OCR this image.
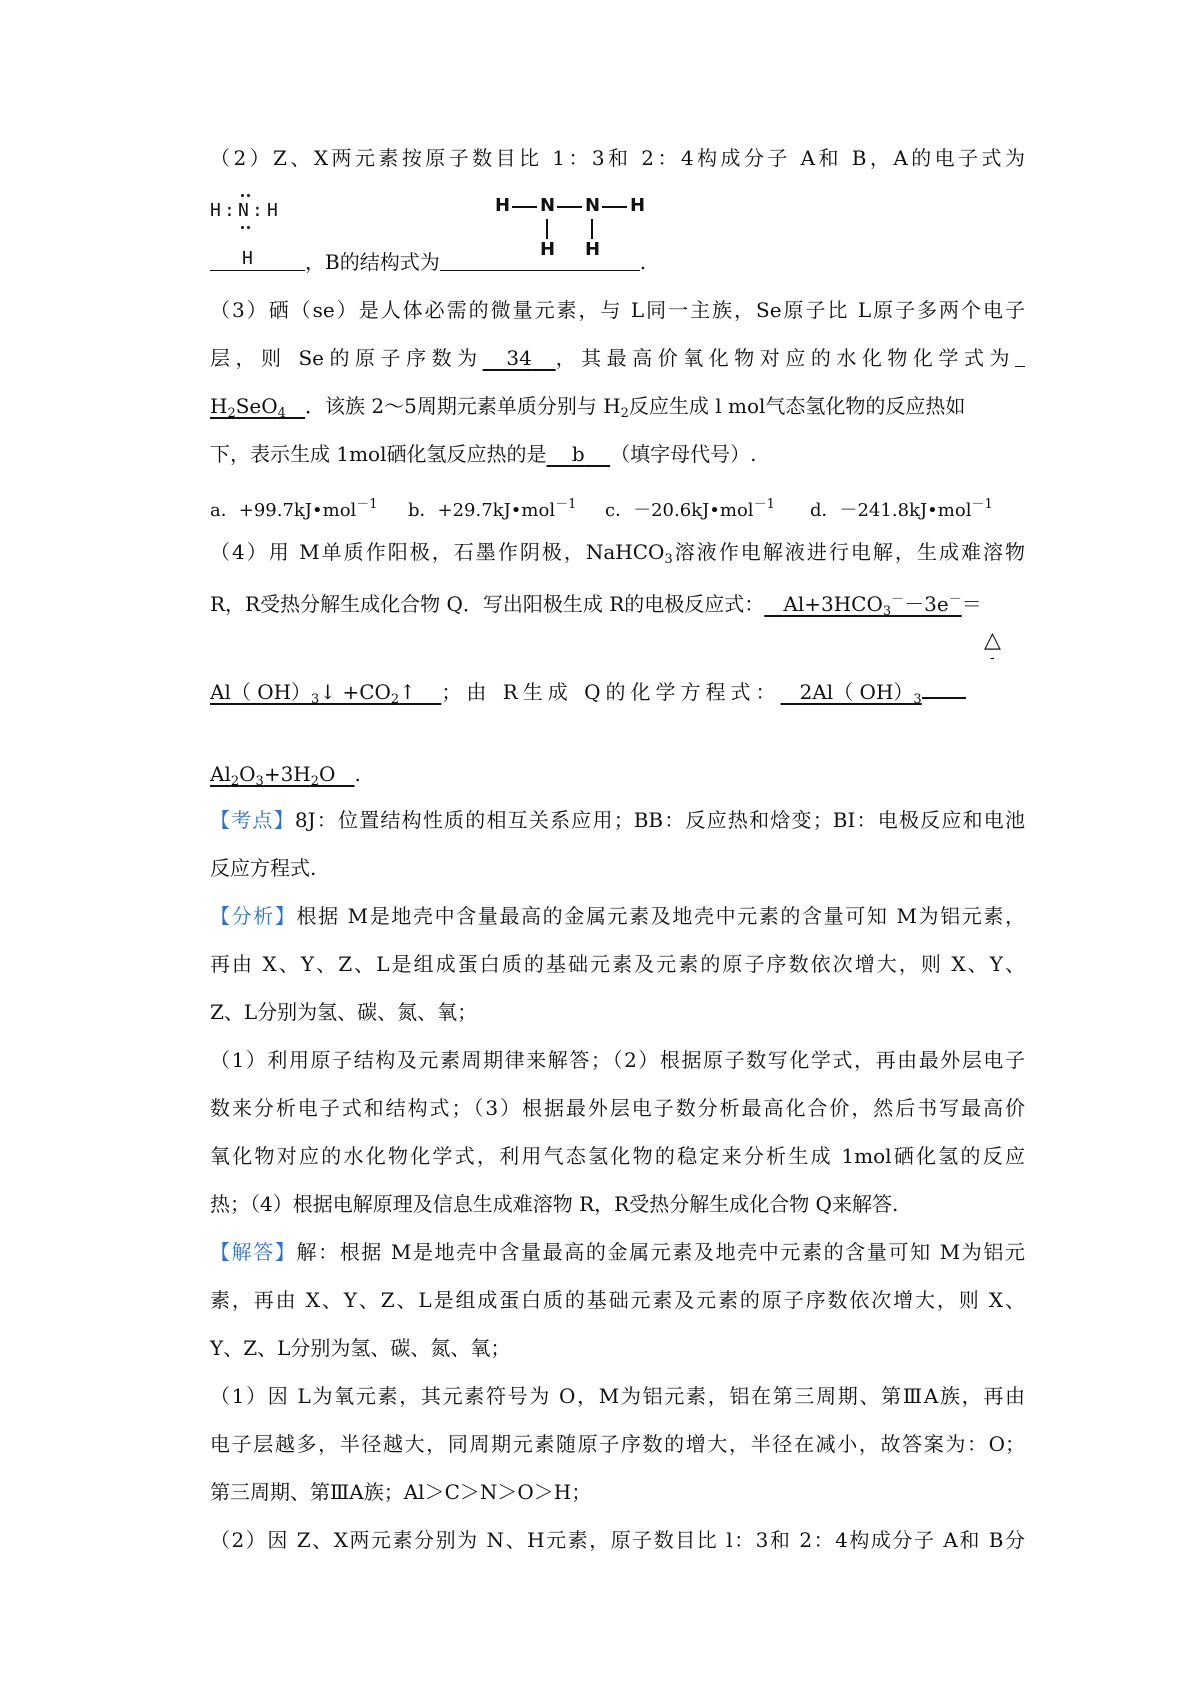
（2）Z、X两元素按原子数目比 1：3和 2：4构成分子 A和 B，A的电子式为
H : N : H
H	，B的结构式为	.
H N N H
H H
（3）硒（se）是人体必需的微量元素，与 L同一主族，Se原子比 L原子多两个电子
层，则 Se的原子序数为 34 ，其最高价氧化物对应的水化物化学式为
$H_2SeO_4$ ．该族 2～5周期元素单质分别与 $H_2$反应生成 l mol气态氢化物的反应热如
下，表示生成 1mol硒化氢反应热的是 b （填字母代号）.
a．+99.7kJ•mol$^{-1}$ b．+29.7kJ•mol$^{-1}$ c．－20.6kJ•mol$^{-1}$ d．－241.8kJ•mol$^{-1}$
（4）用 M单质作阳极，石墨作阴极，NaHCO$_3$溶液作电解液进行电解，生成难溶物
R，R受热分解生成化合物 Q．写出阳极生成 R的电极反应式： $Al+3HCO_3^--3e^-=$
△
-
Al（ $OH)_3↓$ $+CO_2↑$ ；由 R生成 Q的化学方程式： 2Al（ $OH)_3$
$Al_2O_3+3H_2O$ .
【考点】8J：位置结构性质的相互关系应用；BB：反应热和焓变；BI：电极反应和电池
反应方程式.
【分析】根据 M是地壳中含量最高的金属元素及地壳中元素的含量可知 M为铝元素，
再由 X、Y、Z、L是组成蛋白质的基础元素及元素的原子序数依次增大，则 X、Y、
Z、L分别为氢、碳、氮、氧；
（1）利用原子结构及元素周期律来解答；（2）根据原子数写化学式，再由最外层电子
数来分析电子式和结构式；（3）根据最外层电子数分析最高化合价，然后书写最高价
氧化物对应的水化物化学式，利用气态氢化物的稳定来分析生成 1mol硒化氢的反应
热；（4）根据电解原理及信息生成难溶物 R，R受热分解生成化合物 Q来解答.
【解答】解：根据 M是地壳中含量最高的金属元素及地壳中元素的含量可知 M为铝元
素，再由 X、Y、Z、L是组成蛋白质的基础元素及元素的原子序数依次增大，则 X、
Y、Z、L分别为氢、碳、氮、氧；
（1）因 L为氧元素，其元素符号为 O，M为铝元素，铝在第三周期、第ⅢA族，再由
电子层越多，半径越大，同周期元素随原子序数的增大，半径在减小，故答案为：O；
第三周期、第ⅢA族；Al＞C＞N＞O＞H；
（2）因 Z、X两元素分别为 N、H元素，原子数目比 l：3和 2：4构成分子 A和 B分
